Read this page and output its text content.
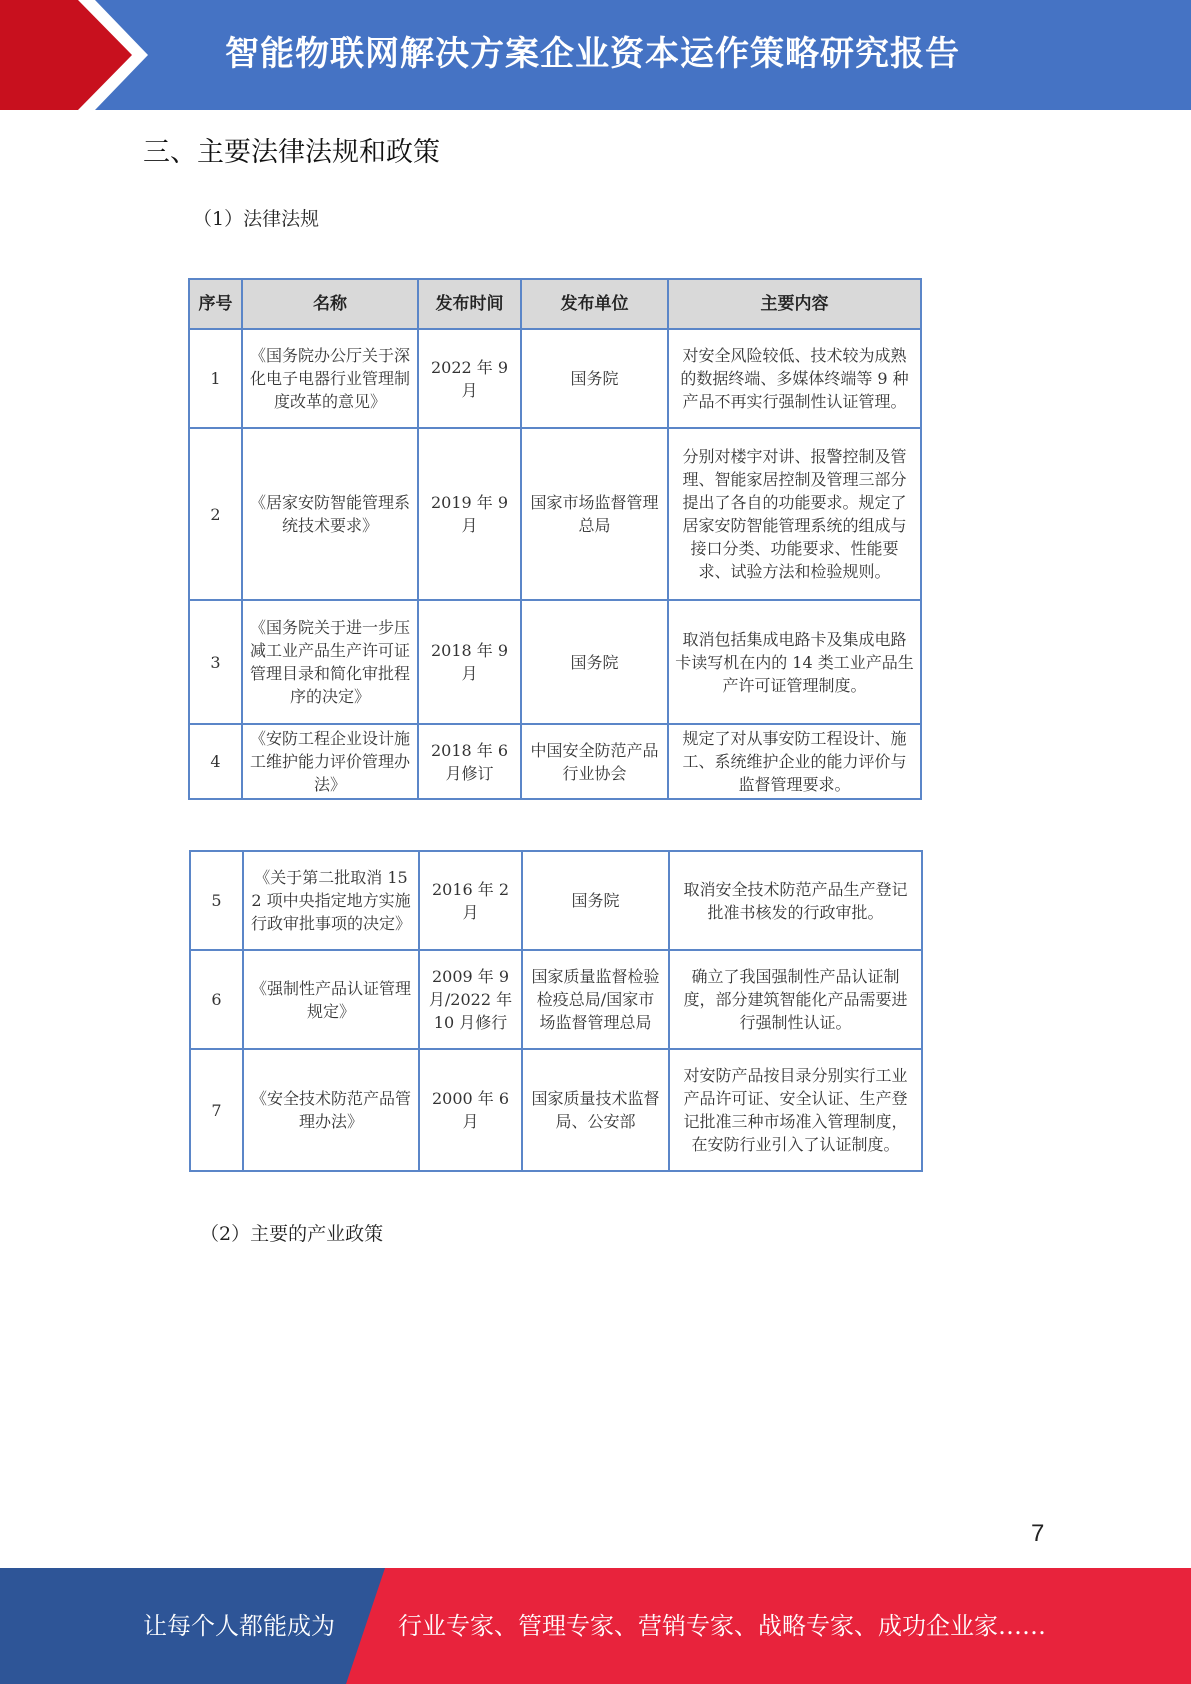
智能物联网解决方案企业资本运作策略研究报告
三、主要法律法规和政策
（1）法律法规
序号	名称	发布时间	发布单位	主要内容
1	《国务院办公厅关于深化电子电器行业管理制度改革的意见》	2022 年 9 月	国务院	对安全风险较低、技术较为成熟的数据终端、多媒体终端等 9 种产品不再实行强制性认证管理。
2	《居家安防智能管理系统技术要求》	2019 年 9 月	国家市场监督管理总局	分别对楼宇对讲、报警控制及管理、智能家居控制及管理三部分提出了各自的功能要求。规定了居家安防智能管理系统的组成与接口分类、功能要求、性能要求、试验方法和检验规则。
3	《国务院关于进一步压减工业产品生产许可证管理目录和简化审批程序的决定》	2018 年 9 月	国务院	取消包括集成电路卡及集成电路卡读写机在内的 14 类工业产品生产许可证管理制度。
4	《安防工程企业设计施工维护能力评价管理办法》	2018 年 6 月修订	中国安全防范产品行业协会	规定了对从事安防工程设计、施工、系统维护企业的能力评价与监督管理要求。
5	《关于第二批取消 152 项中央指定地方实施行政审批事项的决定》	2016 年 2 月	国务院	取消安全技术防范产品生产登记批准书核发的行政审批。
6	《强制性产品认证管理规定》	2009 年 9 月/2022 年 10 月修行	国家质量监督检验检疫总局/国家市场监督管理总局	确立了我国强制性产品认证制度，部分建筑智能化产品需要进行强制性认证。
7	《安全技术防范产品管理办法》	2000 年 6 月	国家质量技术监督局、公安部	对安防产品按目录分别实行工业产品许可证、安全认证、生产登记批准三种市场准入管理制度，在安防行业引入了认证制度。
（2）主要的产业政策
7
让每个人都能成为	行业专家、管理专家、营销专家、战略专家、成功企业家……
